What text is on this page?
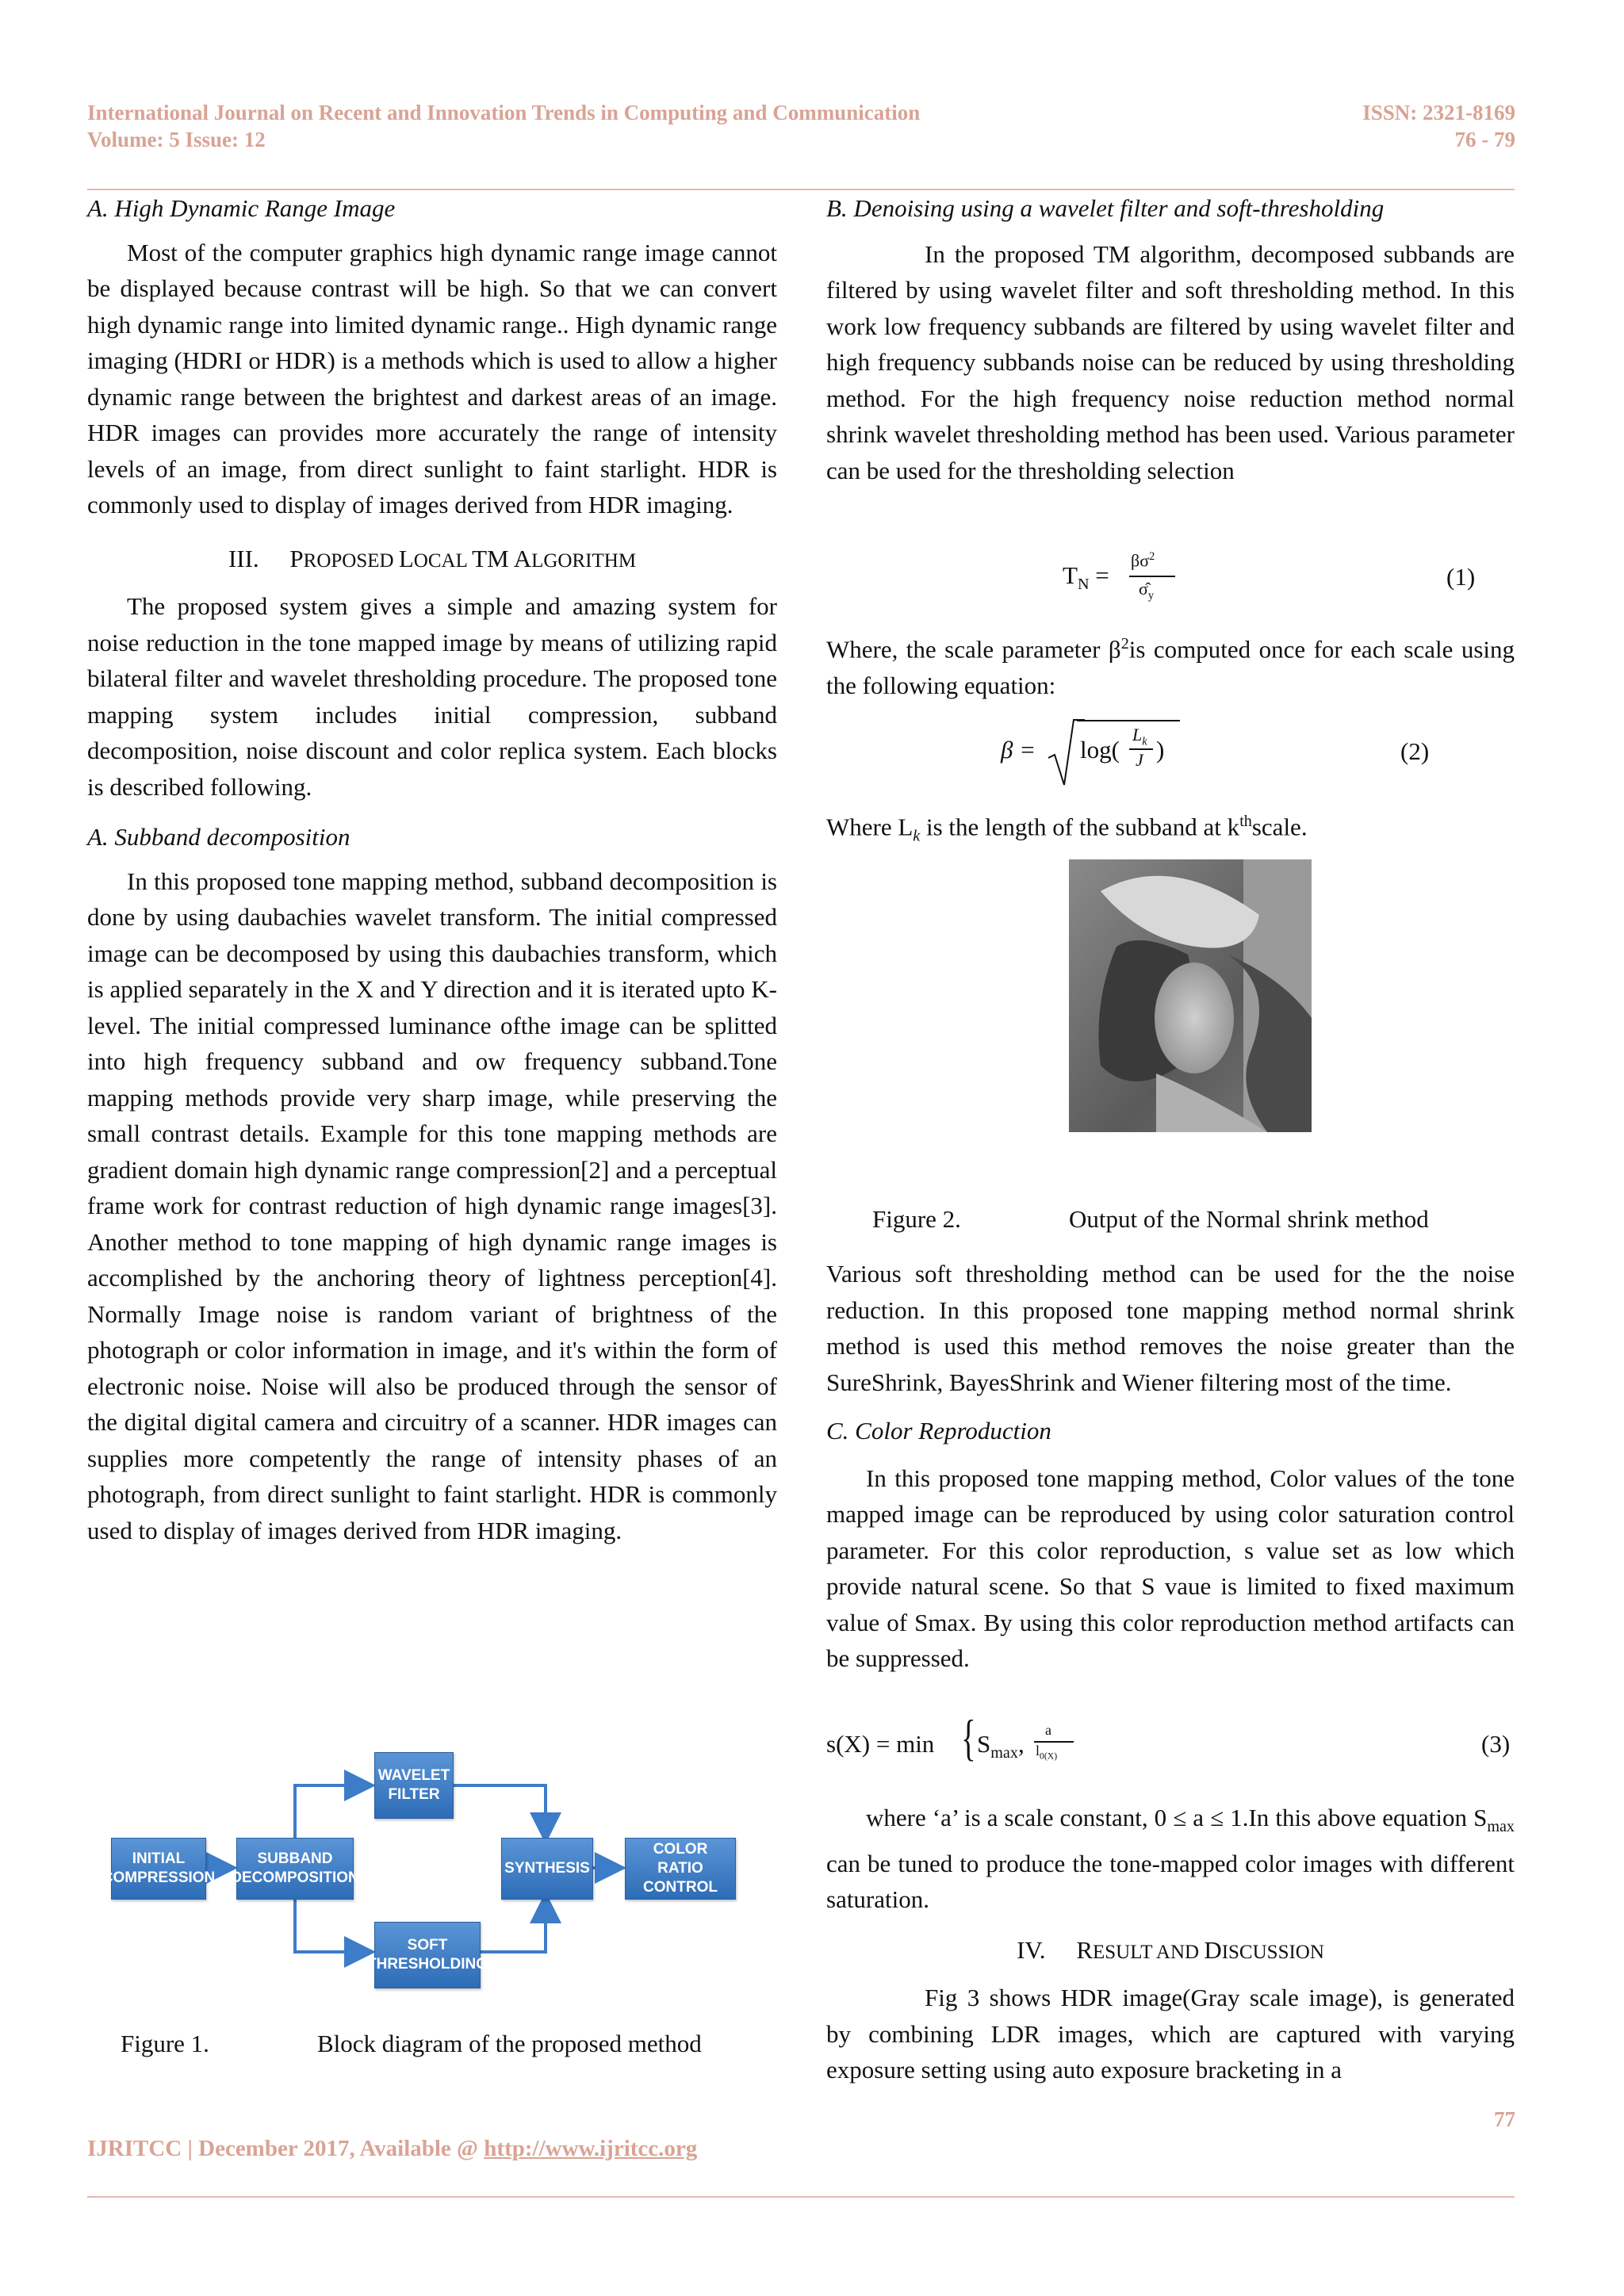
International Journal on Recent and Innovation Trends in Computing and Communication
Volume: 5 Issue: 12
ISSN: 2321-8169
76 - 79

A. High Dynamic Range Image

Most of the computer graphics high dynamic range image cannot be displayed because contrast will be high. So that we can convert high dynamic range into limited dynamic range.. High dynamic range imaging (HDRI or HDR) is a methods which is used to allow a higher dynamic range between the brightest and darkest areas of an image. HDR images can provides more accurately the range of intensity levels of an image, from direct sunlight to faint starlight. HDR is commonly used to display of images derived from HDR imaging.

III. PROPOSED LOCAL TM ALGORITHM

The proposed system gives a simple and amazing system for noise reduction in the tone mapped image by means of utilizing rapid bilateral filter and wavelet thresholding procedure. The proposed tone mapping system includes initial compression, subband decomposition, noise discount and color replica system. Each blocks is described following.

A. Subband decomposition

In this proposed tone mapping method, subband decomposition is done by using daubachies wavelet transform. The initial compressed image can be decomposed by using this daubachies transform, which is applied separately in the X and Y direction and it is iterated upto K-level. The initial compressed luminance ofthe image can be splitted into high frequency subband and ow frequency subband.Tone mapping methods provide very sharp image, while preserving the small contrast details. Example for this tone mapping methods are gradient domain high dynamic range compression[2] and a perceptual frame work for contrast reduction of high dynamic range images[3]. Another method to tone mapping of high dynamic range images is accomplished by the anchoring theory of lightness perception[4]. Normally Image noise is random variant of brightness of the photograph or color information in image, and it's within the form of electronic noise. Noise will also be produced through the sensor of the digital digital camera and circuitry of a scanner. HDR images can supplies more competently the range of intensity phases of an photograph, from direct sunlight to faint starlight. HDR is commonly used to display of images derived from HDR imaging.

INITIAL COMPRESSION
SUBBAND DECOMPOSITION
WAVELET FILTER
SOFT THRESHOLDING
SYNTHESIS
COLOR RATIO CONTROL
Figure 1.	Block diagram of the proposed method

B. Denoising using a wavelet filter and soft-thresholding

In the proposed TM algorithm, decomposed subbands are filtered by using wavelet filter and soft thresholding method. In this work low frequency subbands are filtered by using wavelet filter and high frequency subbands noise can be reduced by using thresholding method. For the high frequency noise reduction method normal shrink wavelet thresholding method has been used. Various parameter can be used for the thresholding selection

$T_N$ =
$\beta\sigma^2$
$\sigmâ_y$
(1)

Where, the scale parameter $\beta^2is$ computed once for each scale using the following equation:

β = log(
$L_k$
J )	(2)

Where $L_k$ is the length of the subband at $k^{th}scale$.

Figure 2.	Output of the Normal shrink method

Various soft thresholding method can be used for the the noise reduction. In this proposed tone mapping method normal shrink method is used this method removes the noise greater than the SureShrink, BayesShrink and Wiener filtering most of the time.

C. Color Reproduction

In this proposed tone mapping method, Color values of the tone mapped image can be reproduced by using color saturation control parameter. For this color reproduction, s value set as low which provide natural scene. So that S vaue is limited to fixed maximum value of Smax. By using this color reproduction method artifacts can be suppressed.

s(X) = min { $S_{max}$, a
$l_{0(X)}$	(3)

where ‘a’ is a scale constant, 0 ≤ a ≤ 1.In this above equation $S_{max}$ can be tuned to produce the tone-mapped color images with different saturation.

IV. RESULT AND DISCUSSION

Fig 3 shows HDR image(Gray scale image), is generated by combining LDR images, which are captured with varying exposure setting using auto exposure bracketing in a

77
IJRITCC | December 2017, Available @ http://www.ijritcc.org
